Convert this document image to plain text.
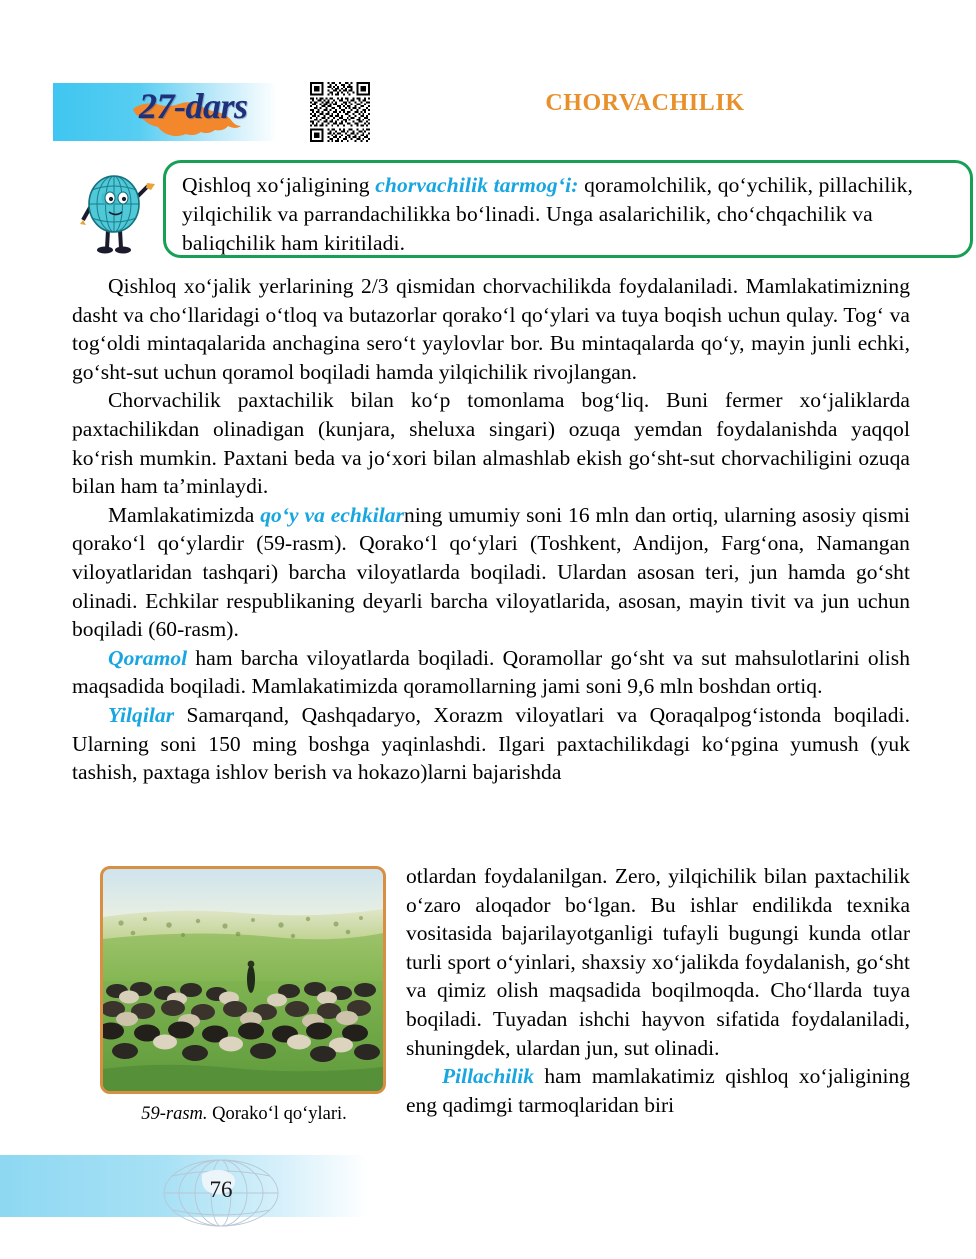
27-dars	CHORVACHILIK
Qishloq xo‘jaligining chorvachilik tarmog‘i: qoramolchilik, qo‘ychilik, pillachilik, yilqichilik va parrandachilikka bo‘linadi. Unga asalarichilik, cho‘chqachilik va baliqchilik ham kiritiladi.

Qishloq xo‘jalik yerlarining 2/3 qismidan chorvachilikda foydalaniladi. Mamlakatimizning dasht va cho‘llaridagi o‘tloq va butazorlar qorako‘l qo‘ylari va tuya boqish uchun qulay. Tog‘ va tog‘oldi mintaqalarida anchagina sero‘t yaylovlar bor. Bu mintaqalarda qo‘y, mayin junli echki, go‘sht-sut uchun qoramol boqiladi hamda yilqichilik rivojlangan.

Chorvachilik paxtachilik bilan ko‘p tomonlama bog‘liq. Buni fermer xo‘jaliklarda paxtachilikdan olinadigan (kunjara, sheluxa singari) ozuqa yemdan foydalanishda yaqqol ko‘rish mumkin. Paxtani beda va jo‘xori bilan almashlab ekish go‘sht-sut chorvachiligini ozuqa bilan ham ta’minlaydi.

Mamlakatimizda qo‘y va echkilarning umumiy soni 16 mln dan ortiq, ularning asosiy qismi qorako‘l qo‘ylardir (59-rasm). Qorako‘l qo‘ylari (Toshkent, Andijon, Farg‘ona, Namangan viloyatlaridan tashqari) barcha viloyatlarda boqiladi. Ulardan asosan teri, jun hamda go‘sht olinadi. Echkilar respublikaning deyarli barcha viloyatlarida, asosan, mayin tivit va jun uchun boqiladi (60-rasm).

Qoramol ham barcha viloyatlarda boqiladi. Qoramollar go‘sht va sut mahsulotlarini olish maqsadida boqiladi. Mamlakatimizda qoramollarning jami soni 9,6 mln boshdan ortiq.

Yilqilar Samarqand, Qashqadaryo, Xorazm viloyatlari va Qoraqalpog‘istonda boqiladi. Ularning soni 150 ming boshga yaqinlashdi. Ilgari paxtachilikdagi ko‘pgina yumush (yuk tashish, paxtaga ishlov berish va hokazo)larni bajarishda

59-rasm. Qorako‘l qo‘ylari.

otlardan foydalanilgan. Zero, yilqichilik bilan paxtachilik o‘zaro aloqador bo‘lgan. Bu ishlar endilikda texnika vositasida bajarilayotganligi tufayli bugungi kunda otlar turli sport o‘yinlari, shaxsiy xo‘jalikda foydalanish, go‘sht va qimiz olish maqsadida boqilmoqda. Cho‘llarda tuya boqiladi. Tuyadan ishchi hayvon sifatida foydalaniladi, shuningdek, ulardan jun, sut olinadi.

Pillachilik ham mamlakatimiz qishloq xo‘jaligining eng qadimgi tarmoqlaridan biri

76
